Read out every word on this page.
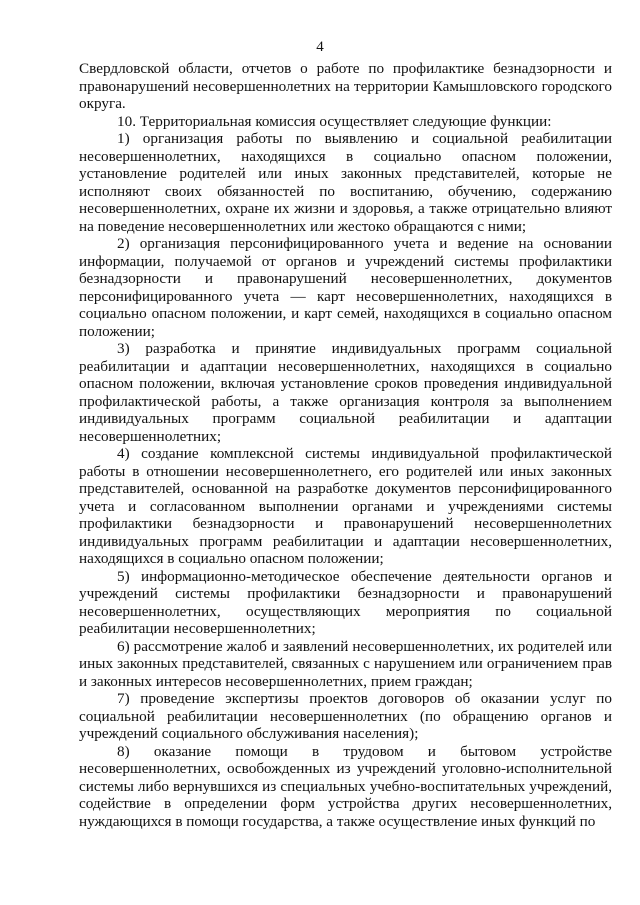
4

Свердловской области, отчетов о работе по профилактике безнадзорности и правонарушений несовершеннолетних на территории Камышловского городского округа.

10. Территориальная комиссия осуществляет следующие функции:

1) организация работы по выявлению и социальной реабилитации несовершеннолетних, находящихся в социально опасном положении, установление родителей или иных законных представителей, которые не исполняют своих обязанностей по воспитанию, обучению, содержанию несовершеннолетних, охране их жизни и здоровья, а также отрицательно влияют на поведение несовершеннолетних или жестоко обращаются с ними;

2) организация персонифицированного учета и ведение на основании информации, получаемой от органов и учреждений системы профилактики безнадзорности и правонарушений несовершеннолетних, документов персонифицированного учета — карт несовершеннолетних, находящихся в социально опасном положении, и карт семей, находящихся в социально опасном положении;

3) разработка и принятие индивидуальных программ социальной реабилитации и адаптации несовершеннолетних, находящихся в социально опасном положении, включая установление сроков проведения индивидуальной профилактической работы, а также организация контроля за выполнением индивидуальных программ социальной реабилитации и адаптации несовершеннолетних;

4) создание комплексной системы индивидуальной профилактической работы в отношении несовершеннолетнего, его родителей или иных законных представителей, основанной на разработке документов персонифицированного учета и согласованном выполнении органами и учреждениями системы профилактики безнадзорности и правонарушений несовершеннолетних индивидуальных программ реабилитации и адаптации несовершеннолетних, находящихся в социально опасном положении;

5) информационно-методическое обеспечение деятельности органов и учреждений системы профилактики безнадзорности и правонарушений несовершеннолетних, осуществляющих мероприятия по социальной реабилитации несовершеннолетних;

6) рассмотрение жалоб и заявлений несовершеннолетних, их родителей или иных законных представителей, связанных с нарушением или ограничением прав и законных интересов несовершеннолетних, прием граждан;

7) проведение экспертизы проектов договоров об оказании услуг по социальной реабилитации несовершеннолетних (по обращению органов и учреждений социального обслуживания населения);

8) оказание помощи в трудовом и бытовом устройстве несовершеннолетних, освобожденных из учреждений уголовно-исполнительной системы либо вернувшихся из специальных учебно-воспитательных учреждений, содействие в определении форм устройства других несовершеннолетних, нуждающихся в помощи государства, а также осуществление иных функций по
